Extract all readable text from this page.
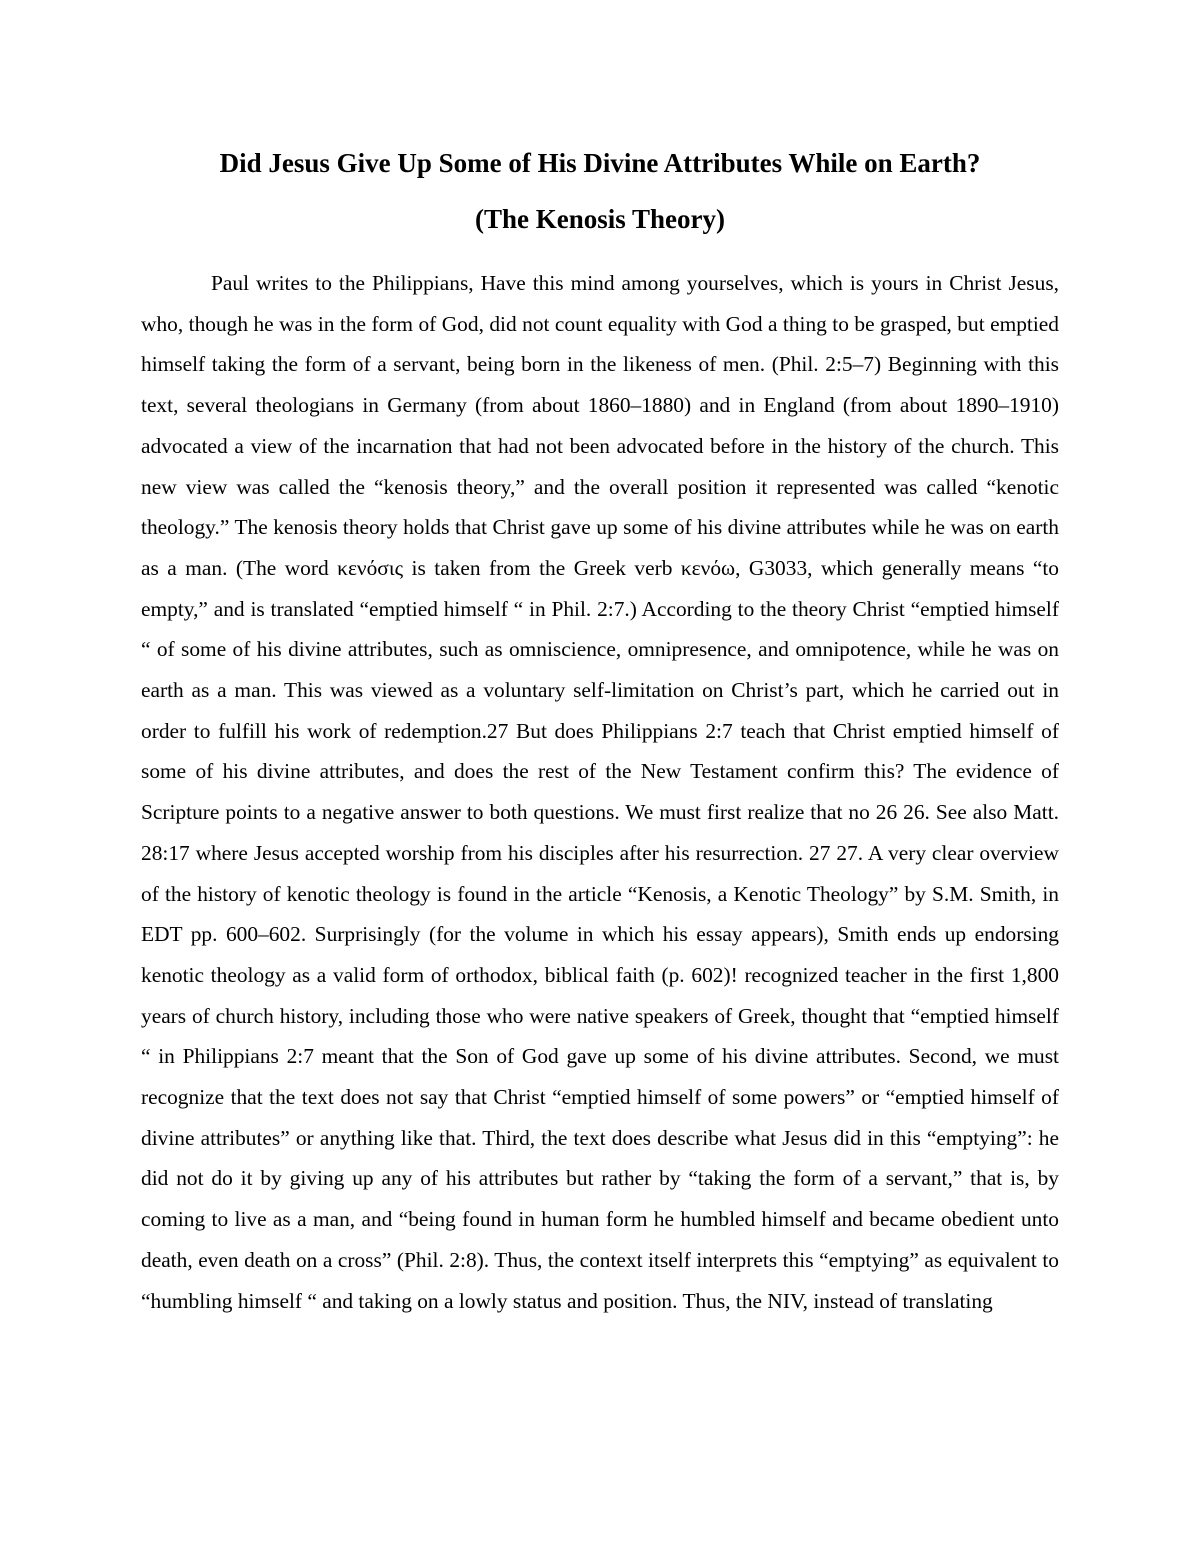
Did Jesus Give Up Some of His Divine Attributes While on Earth?
(The Kenosis Theory)

Paul writes to the Philippians, Have this mind among yourselves, which is yours in Christ Jesus, who, though he was in the form of God, did not count equality with God a thing to be grasped, but emptied himself taking the form of a servant, being born in the likeness of men. (Phil. 2:5–7) Beginning with this text, several theologians in Germany (from about 1860–1880) and in England (from about 1890–1910) advocated a view of the incarnation that had not been advocated before in the history of the church. This new view was called the “kenosis theory,” and the overall position it represented was called “kenotic theology.” The kenosis theory holds that Christ gave up some of his divine attributes while he was on earth as a man. (The word κενόσις is taken from the Greek verb κενόω, G3033, which generally means “to empty,” and is translated “emptied himself “ in Phil. 2:7.) According to the theory Christ “emptied himself “ of some of his divine attributes, such as omniscience, omnipresence, and omnipotence, while he was on earth as a man. This was viewed as a voluntary self-limitation on Christ’s part, which he carried out in order to fulfill his work of redemption.27 But does Philippians 2:7 teach that Christ emptied himself of some of his divine attributes, and does the rest of the New Testament confirm this? The evidence of Scripture points to a negative answer to both questions. We must first realize that no 26 26. See also Matt. 28:17 where Jesus accepted worship from his disciples after his resurrection. 27 27. A very clear overview of the history of kenotic theology is found in the article “Kenosis, a Kenotic Theology” by S.M. Smith, in EDT pp. 600–602. Surprisingly (for the volume in which his essay appears), Smith ends up endorsing kenotic theology as a valid form of orthodox, biblical faith (p. 602)! recognized teacher in the first 1,800 years of church history, including those who were native speakers of Greek, thought that “emptied himself “ in Philippians 2:7 meant that the Son of God gave up some of his divine attributes. Second, we must recognize that the text does not say that Christ “emptied himself of some powers” or “emptied himself of divine attributes” or anything like that. Third, the text does describe what Jesus did in this “emptying”: he did not do it by giving up any of his attributes but rather by “taking the form of a servant,” that is, by coming to live as a man, and “being found in human form he humbled himself and became obedient unto death, even death on a cross” (Phil. 2:8). Thus, the context itself interprets this “emptying” as equivalent to “humbling himself “ and taking on a lowly status and position. Thus, the NIV, instead of translating
